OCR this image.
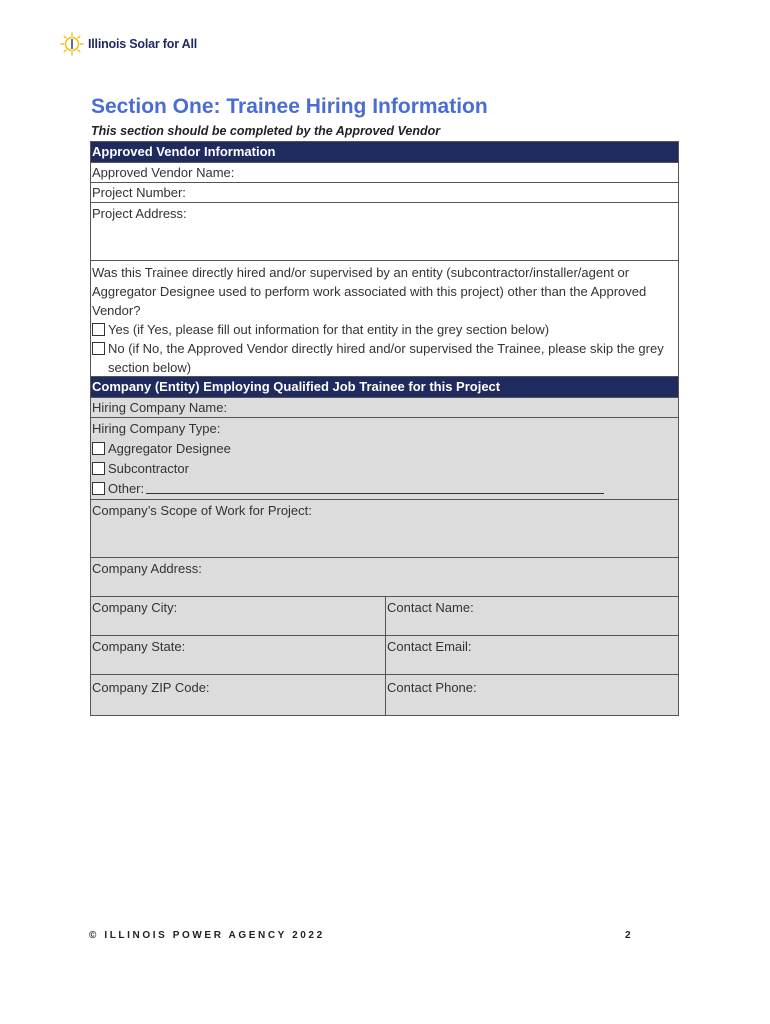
Illinois Solar for All
Section One: Trainee Hiring Information
This section should be completed by the Approved Vendor
Approved Vendor Information
Approved Vendor Name:
Project Number:
Project Address:
Was this Trainee directly hired and/or supervised by an entity (subcontractor/installer/agent or Aggregator Designee used to perform work associated with this project) other than the Approved Vendor?
Yes (if Yes, please fill out information for that entity in the grey section below)
No (if No, the Approved Vendor directly hired and/or supervised the Trainee, please skip the grey section below)
Company (Entity) Employing Qualified Job Trainee for this Project
Hiring Company Name:
Hiring Company Type:
Aggregator Designee
Subcontractor
Other:
Company’s Scope of Work for Project:
Company Address:
Company City:	Contact Name:
Company State:	Contact Email:
Company ZIP Code:	Contact Phone:
© ILLINOIS POWER AGENCY 2022	2
